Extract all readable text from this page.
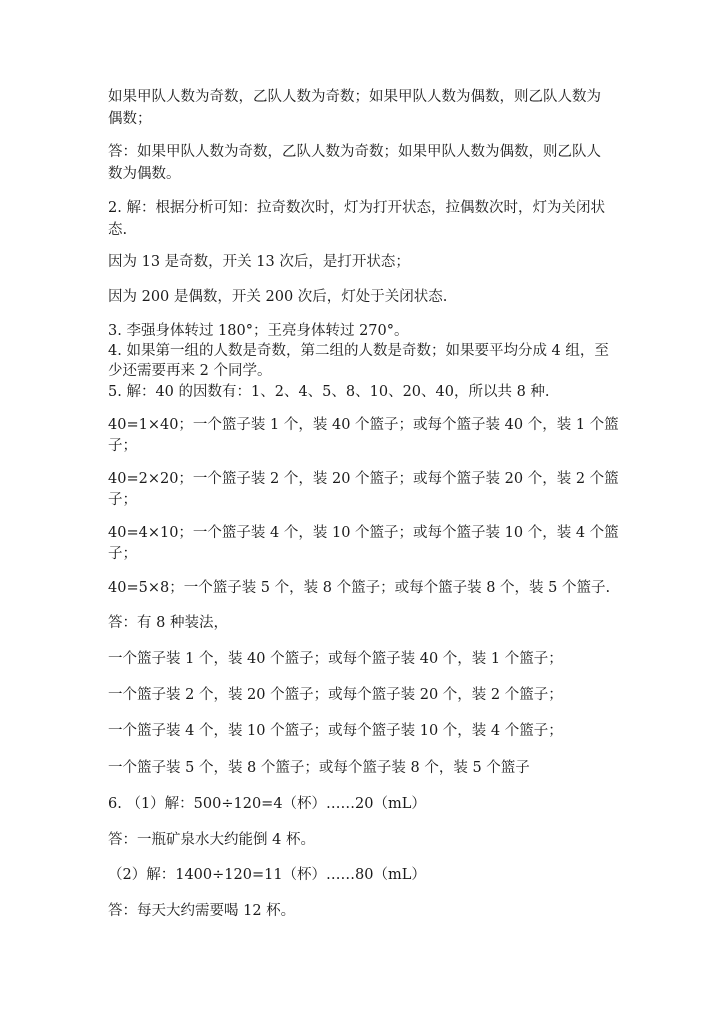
如果甲队人数为奇数，乙队人数为奇数；如果甲队人数为偶数，则乙队人数为
偶数；
答：如果甲队人数为奇数，乙队人数为奇数；如果甲队人数为偶数，则乙队人
数为偶数。
2. 解：根据分析可知：拉奇数次时，灯为打开状态，拉偶数次时，灯为关闭状
态.
因为 13 是奇数，开关 13 次后，是打开状态；
因为 200 是偶数，开关 200 次后，灯处于关闭状态.
3. 李强身体转过 180°；王亮身体转过 270°。
4. 如果第一组的人数是奇数，第二组的人数是奇数；如果要平均分成 4 组，至
少还需要再来 2 个同学。
5. 解：40 的因数有：1、2、4、5、8、10、20、40，所以共 8 种.
40=1×40；一个篮子装 1 个，装 40 个篮子；或每个篮子装 40 个，装 1 个篮
子；
40=2×20；一个篮子装 2 个，装 20 个篮子；或每个篮子装 20 个，装 2 个篮
子；
40=4×10；一个篮子装 4 个，装 10 个篮子；或每个篮子装 10 个，装 4 个篮
子；
40=5×8；一个篮子装 5 个，装 8 个篮子；或每个篮子装 8 个，装 5 个篮子.
答：有 8 种装法，
一个篮子装 1 个，装 40 个篮子；或每个篮子装 40 个，装 1 个篮子；
一个篮子装 2 个，装 20 个篮子；或每个篮子装 20 个，装 2 个篮子；
一个篮子装 4 个，装 10 个篮子；或每个篮子装 10 个，装 4 个篮子；
一个篮子装 5 个，装 8 个篮子；或每个篮子装 8 个，装 5 个篮子
6. （1）解：500÷120=4（杯）……20（mL）
答：一瓶矿泉水大约能倒 4 杯。
（2）解：1400÷120=11（杯）……80（mL）
答：每天大约需要喝 12 杯。
